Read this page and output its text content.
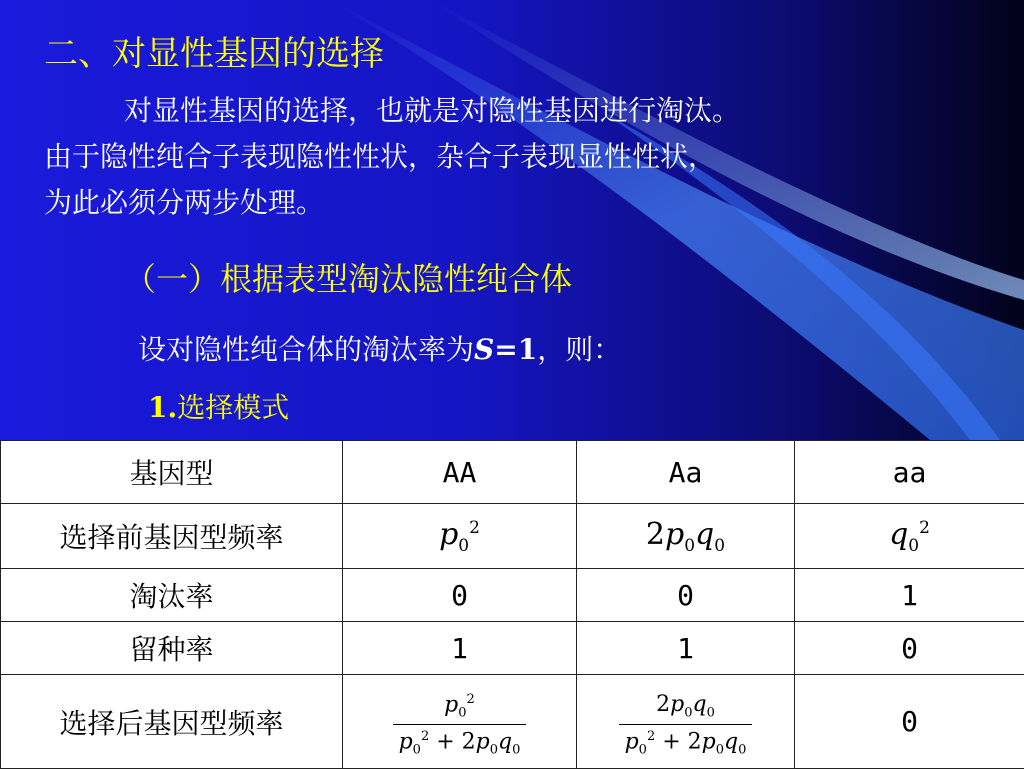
二、对显性基因的选择
对显性基因的选择，也就是对隐性基因进行淘汰。
由于隐性纯合子表现隐性性状，杂合子表现显性性状，
为此必须分两步处理。
（一）根据表型淘汰隐性纯合体
设对隐性纯合体的淘汰率为S=1，则：
1.选择模式
基因型	AA	Aa	aa
选择前基因型频率	$p_0^2$	$2p_0q_0$	$q_0^2$
淘汰率	0	0	1
留种率	1	1	0
选择后基因型频率	$\frac{p_0^2}{p_0^2 + 2p_0q_0}$	$\frac{2p_0q_0}{p_0^2 + 2p_0q_0}$	0
